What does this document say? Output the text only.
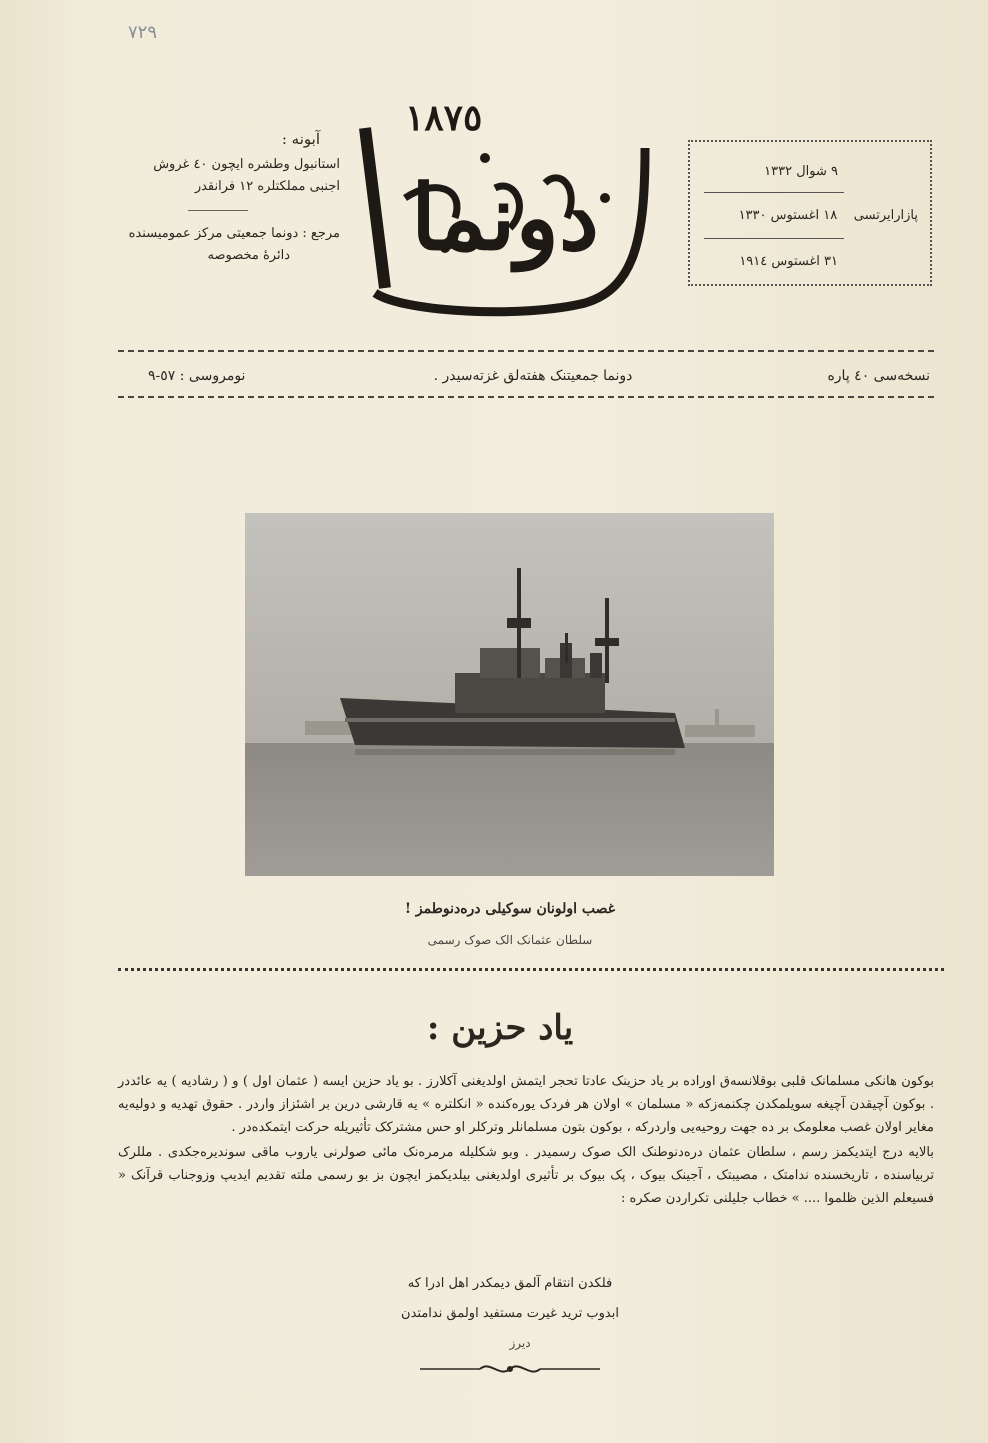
٧٢٩
آبونه :
استانبول وطشره ایچون ٤٠ غروش
اجنبی مملکتلره ١٢ فرانقدر
مرجع : دونما جمعیتی مرکز عمومیسنده
دائرۀ مخصوصه
١٨٧٥
دونما	٩ شوال ١٣٣٢
پازارایرتسی    ١٨ اغستوس ١٣٣٠
٣١ اغستوس ١٩١٤
نسخه‌سی ٤٠ پاره
دونما جمعیتنک هفته‌لق غزته‌سیدر .
نومروسی : ٥٧-٩
غصب اولونان سوکیلی دره‌دنوطمز !
سلطان عثمانک الک صوک رسمی
یاد حزین :

بوکون هانکی مسلمانک قلبی بوقلانسه‌ق اوراده بر یاد حزینک عادتا تحجر ایتمش اولدیغنی آکلارز . بو یاد حزین ایسه ( عثمان اول ) و ( رشادیه ) یه عائددر . بوکون آچیقدن آچیغه سویلمکدن چکنمه‌زکه « مسلمان » اولان هر فردک یوره‌کنده « انکلتره » یه قارشی درین بر اشئزاز واردر . حقوق تهدیه و دولیه‌یه مغایر اولان غصب معلومک بر ده جهت روحیه‌یی واردرکه ، بوکون بتون مسلمانلر وترکلر او حس مشترکک تأثیریله حرکت ایتمکده‌در .

بالایه درج ایتدیکمز رسم ، سلطان عثمان دره‌دنوطنک الک صوک رسمیدر . وبو شکلیله مرمره‌نک مائی صولرنی یاروب ماقی سوندیره‌جکدی . مللرک تربیاسنده ، تاریخسنده ندامتک ، مصیبتک ، آجینک بیوک ، پک بیوک بر تأثیری اولدیغنی بیلدیکمز ایچون بز بو رسمی ملته تقدیم ایدیپ وزوجناب قرآنک « فسیعلم الذین ظلموا .... » خطاب جلیلنی تکراردن صکره :

فلکدن انتقام آلمق دیمکدر اهل ادرا که
ابدوب ترید غیرت مستفید اولمق ندامتدن
دیرز
